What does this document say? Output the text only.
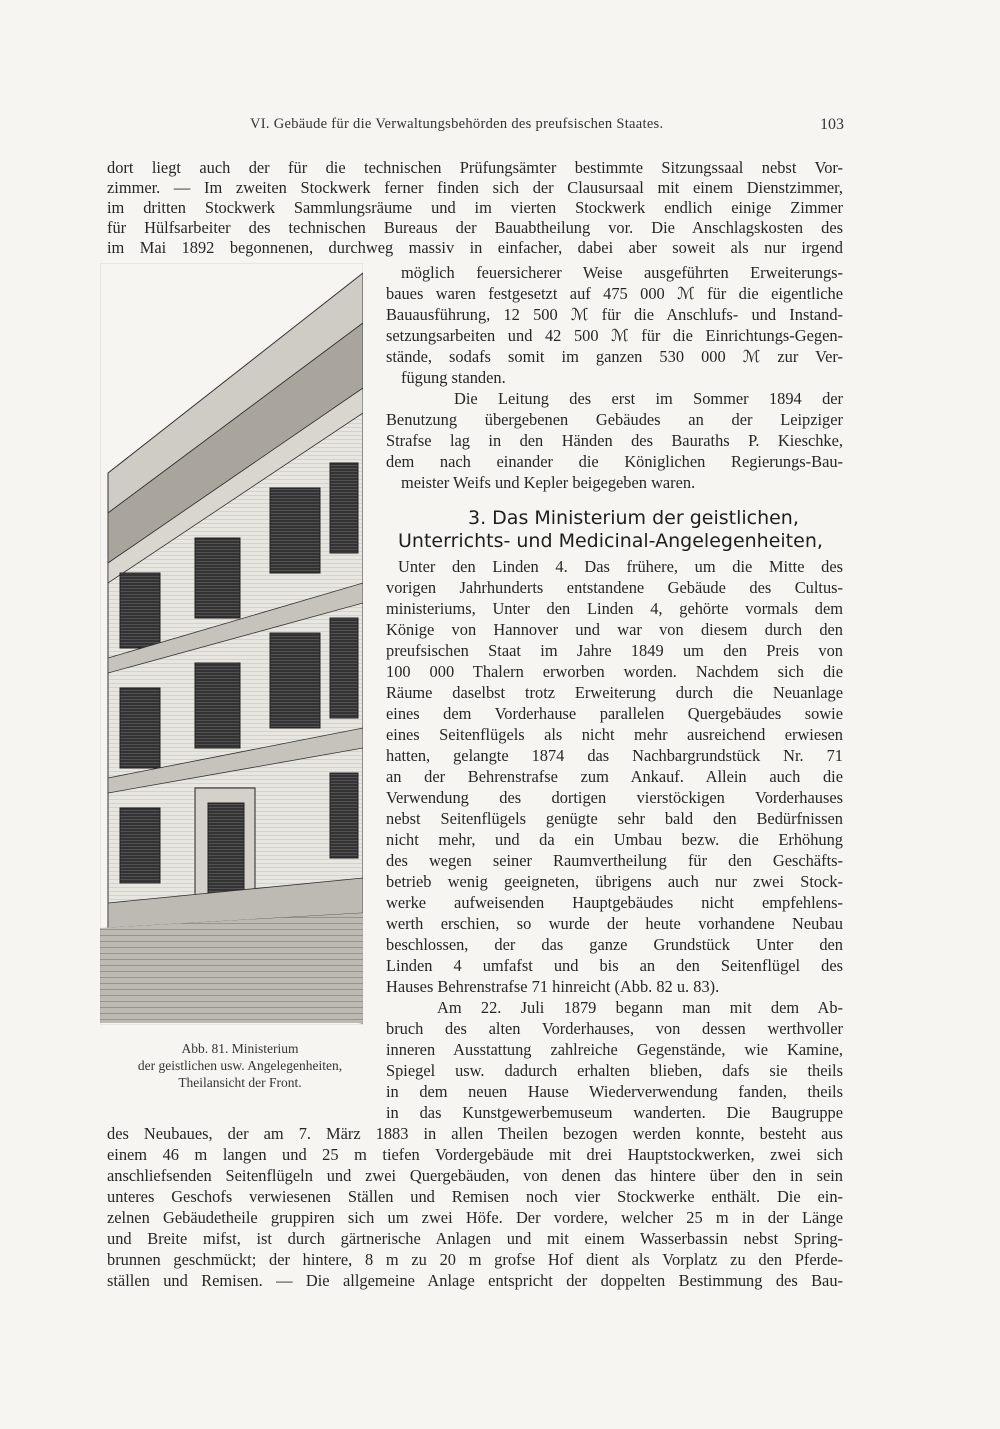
VI. Gebäude für die Verwaltungsbehörden des preufsischen Staates.	103

dort liegt auch der für die technischen Prüfungsämter bestimmte Sitzungssaal nebst Vor-

zimmer. — Im zweiten Stockwerk ferner finden sich der Clausursaal mit einem Dienstzimmer,

im dritten Stockwerk Sammlungsräume und im vierten Stockwerk endlich einige Zimmer

für Hülfsarbeiter des technischen Bureaus der Bauabtheilung vor. Die Anschlagskosten des

im Mai 1892 begonnenen, durchweg massiv in einfacher, dabei aber soweit als nur irgend

möglich feuersicherer Weise ausgeführten Erweiterungs-

baues waren festgesetzt auf 475 000 ℳ für die eigentliche

Bauausführung, 12 500 ℳ für die Anschlufs- und Instand-

setzungsarbeiten und 42 500 ℳ für die Einrichtungs-Gegen-

stände, sodafs somit im ganzen 530 000 ℳ zur Ver-

fügung standen.

Die Leitung des erst im Sommer 1894 der

Benutzung übergebenen Gebäudes an der Leipziger

Strafse lag in den Händen des Bauraths P. Kieschke,

dem nach einander die Königlichen Regierungs-Bau-

meister Weifs und Kepler beigegeben waren.

3. Das Ministerium der geistlichen,
Unterrichts- und Medicinal-Angelegenheiten,

Unter den Linden 4. Das frühere, um die Mitte des

vorigen Jahrhunderts entstandene Gebäude des Cultus-

ministeriums, Unter den Linden 4, gehörte vormals dem

Könige von Hannover und war von diesem durch den

preufsischen Staat im Jahre 1849 um den Preis von

100 000 Thalern erworben worden. Nachdem sich die

Räume daselbst trotz Erweiterung durch die Neuanlage

eines dem Vorderhause parallelen Quergebäudes sowie

eines Seitenflügels als nicht mehr ausreichend erwiesen

hatten, gelangte 1874 das Nachbargrundstück Nr. 71

an der Behrenstrafse zum Ankauf. Allein auch die

Verwendung des dortigen vierstöckigen Vorderhauses

nebst Seitenflügels genügte sehr bald den Bedürfnissen

nicht mehr, und da ein Umbau bezw. die Erhöhung

des wegen seiner Raumvertheilung für den Geschäfts-

betrieb wenig geeigneten, übrigens auch nur zwei Stock-

werke aufweisenden Hauptgebäudes nicht empfehlens-

werth erschien, so wurde der heute vorhandene Neubau

beschlossen, der das ganze Grundstück Unter den

Linden 4 umfafst und bis an den Seitenflügel des

Hauses Behrenstrafse 71 hinreicht (Abb. 82 u. 83).

Am 22. Juli 1879 begann man mit dem Ab-

bruch des alten Vorderhauses, von dessen werthvoller

inneren Ausstattung zahlreiche Gegenstände, wie Kamine,

Spiegel usw. dadurch erhalten blieben, dafs sie theils

in dem neuen Hause Wiederverwendung fanden, theils

in das Kunstgewerbemuseum wanderten. Die Baugruppe

des Neubaues, der am 7. März 1883 in allen Theilen bezogen werden konnte, besteht aus

einem 46 m langen und 25 m tiefen Vordergebäude mit drei Hauptstockwerken, zwei sich

anschliefsenden Seitenflügeln und zwei Quergebäuden, von denen das hintere über den in sein

unteres Geschofs verwiesenen Ställen und Remisen noch vier Stockwerke enthält. Die ein-

zelnen Gebäudetheile gruppiren sich um zwei Höfe. Der vordere, welcher 25 m in der Länge

und Breite mifst, ist durch gärtnerische Anlagen und mit einem Wasserbassin nebst Spring-

brunnen geschmückt; der hintere, 8 m zu 20 m grofse Hof dient als Vorplatz zu den Pferde-

ställen und Remisen. — Die allgemeine Anlage entspricht der doppelten Bestimmung des Bau-

Abb. 81. Ministerium
der geistlichen usw. Angelegenheiten,
Theilansicht der Front.
